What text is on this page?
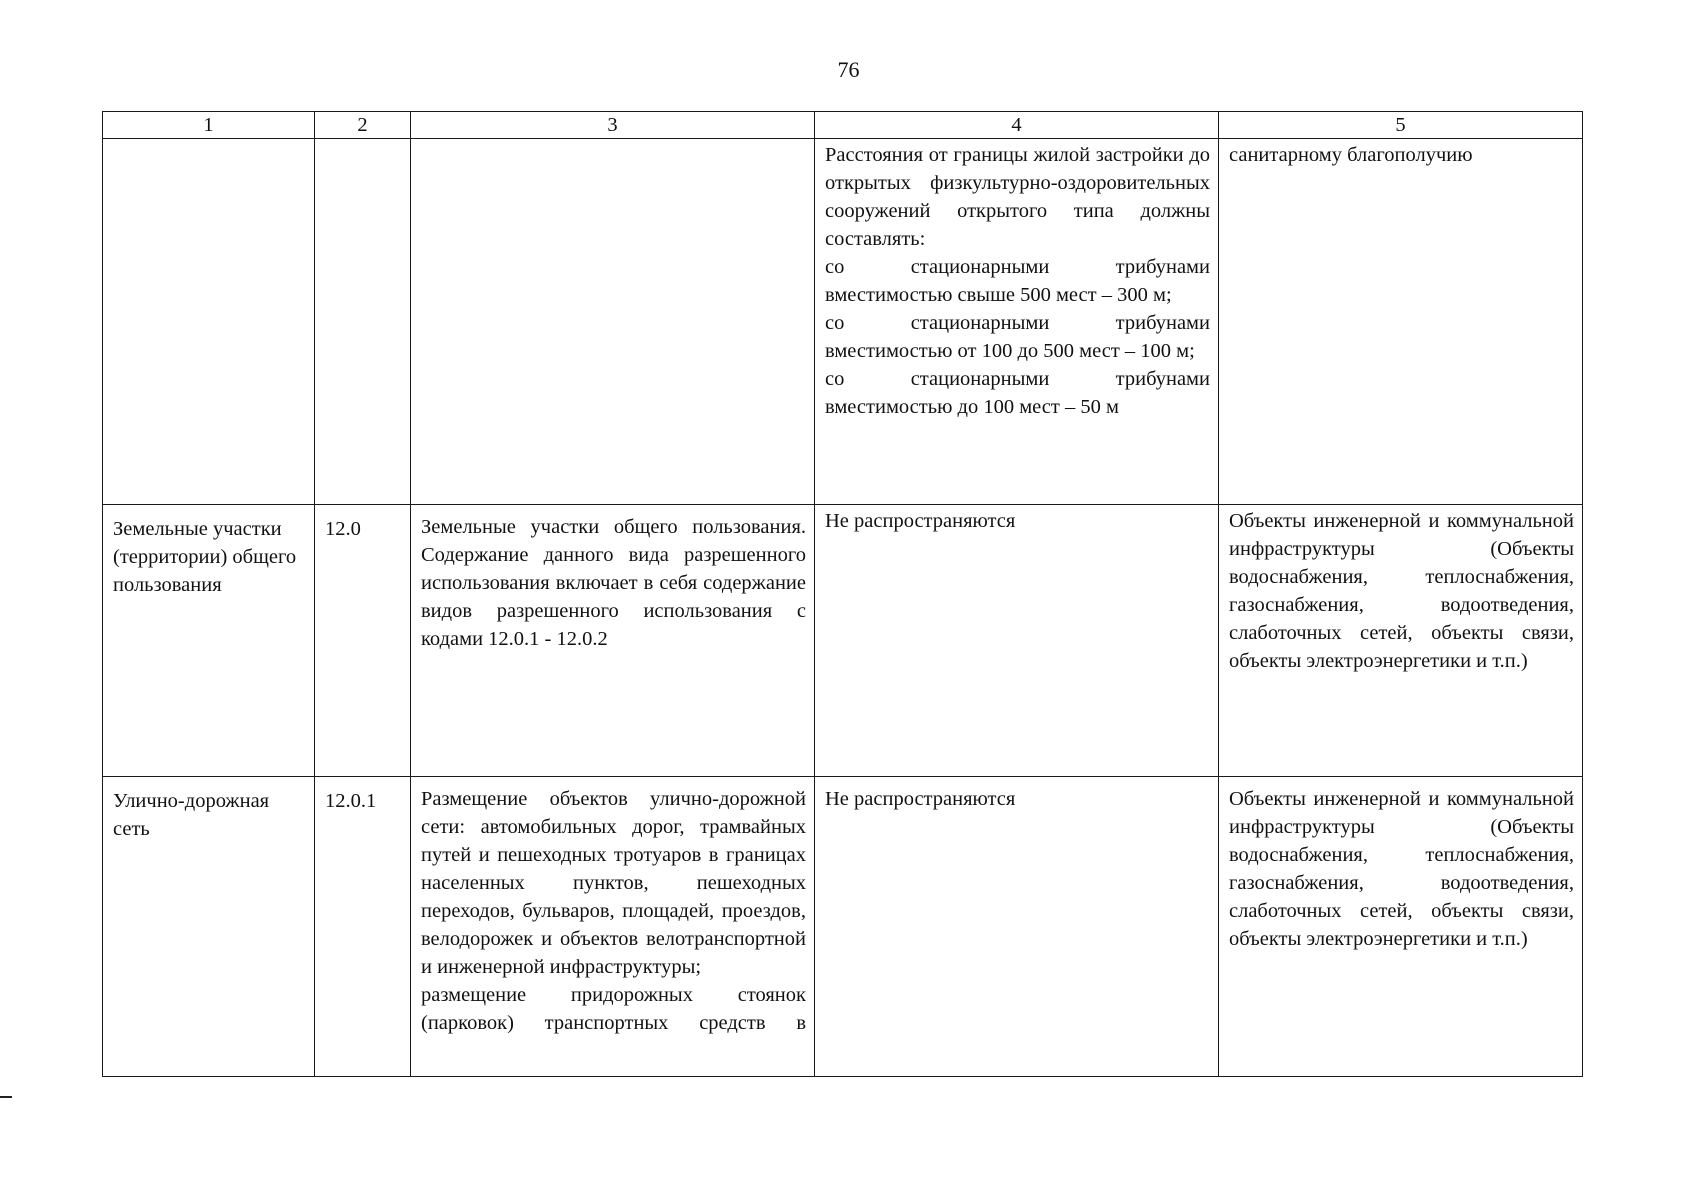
76
1	2	3	4	5

			Расстояния от границы жилой застройки до открытых физкультурно-оздоровительных сооружений открытого типа должны составлять:
со стационарными трибунами вместимостью свыше 500 мест – 300 м;
со стационарными трибунами вместимостью от 100 до 500 мест – 100 м;
со стационарными трибунами вместимостью до 100 мест – 50 м	санитарному благополучию

Земельные участки (территории) общего пользования	12.0	Земельные участки общего пользования. Содержание данного вида разрешенного использования включает в себя содержание видов разрешенного использования с кодами 12.0.1 - 12.0.2	Не распространяются	Объекты инженерной и коммунальной инфраструктуры (Объекты водоснабжения, теплоснабжения, газоснабжения, водоотведения, слаботочных сетей, объекты связи, объекты электроэнергетики и т.п.)

Улично-дорожная сеть	12.0.1	Размещение объектов улично-дорожной сети: автомобильных дорог, трамвайных путей и пешеходных тротуаров в границах населенных пунктов, пешеходных переходов, бульваров, площадей, проездов, велодорожек и объектов велотранспортной и инженерной инфраструктуры;
размещение придорожных стоянок (парковок) транспортных средств в	Не распространяются	Объекты инженерной и коммунальной инфраструктуры (Объекты водоснабжения, теплоснабжения, газоснабжения, водоотведения, слаботочных сетей, объекты связи, объекты электроэнергетики и т.п.)
